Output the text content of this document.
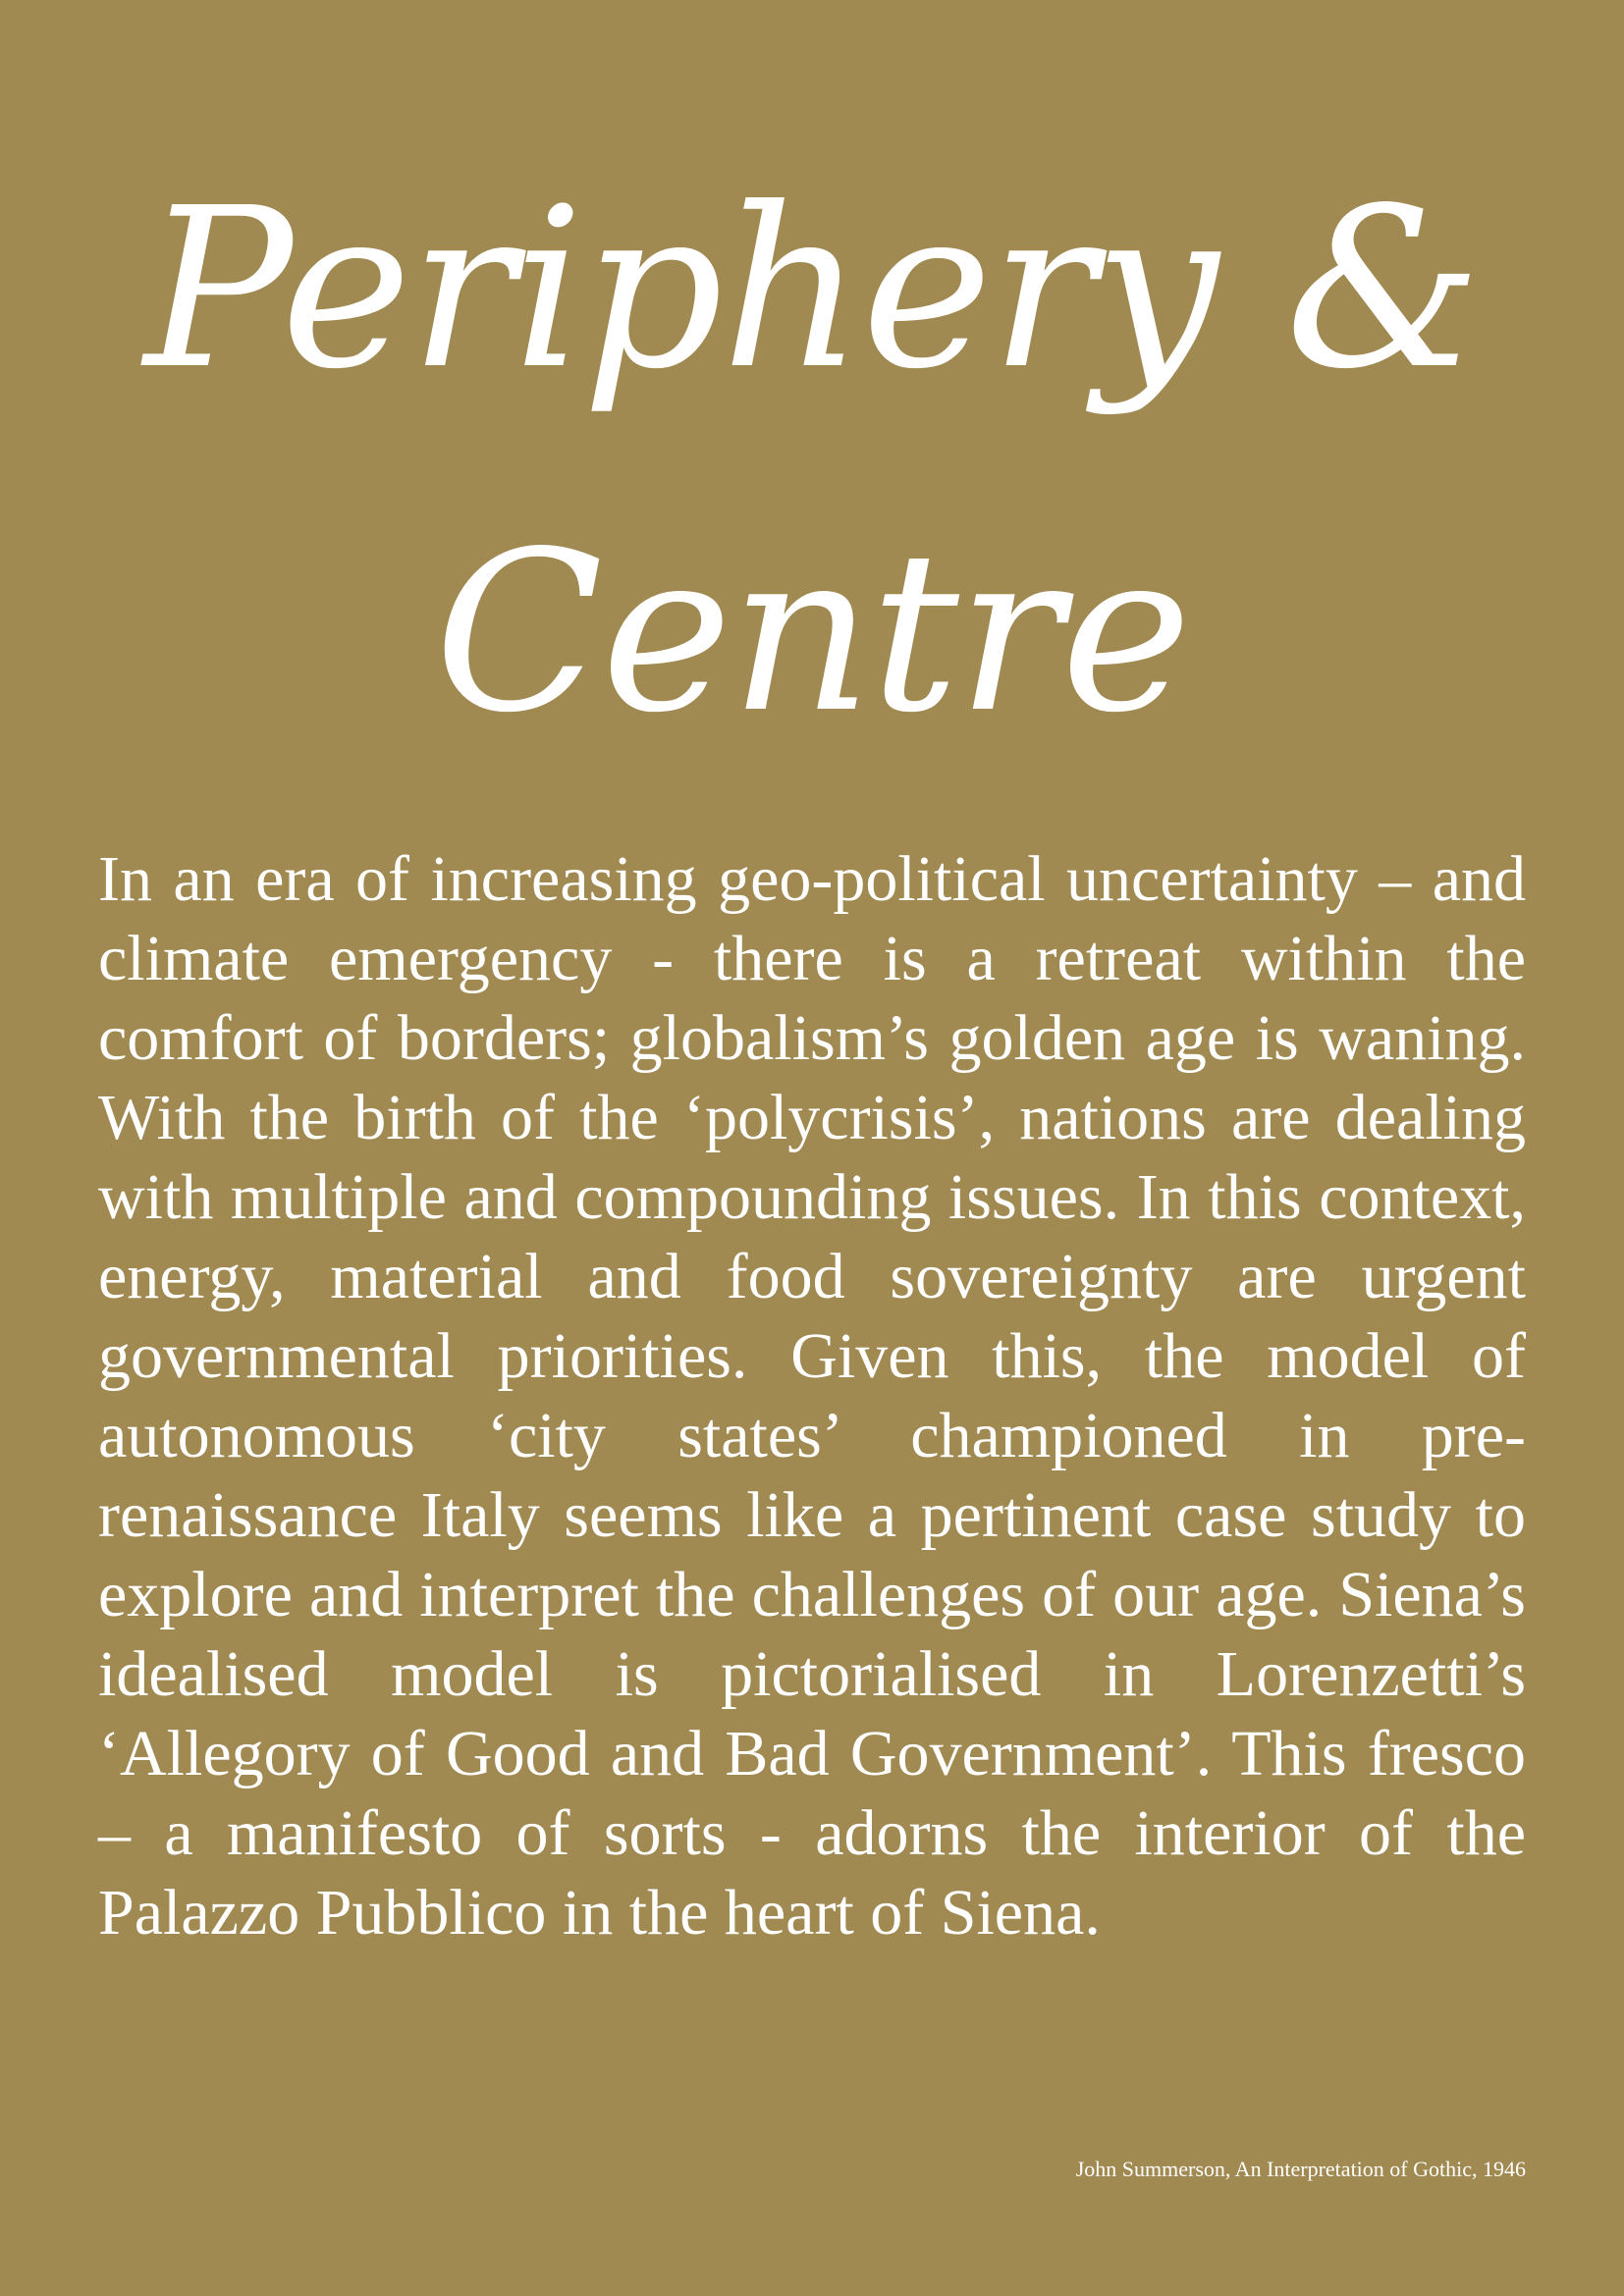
Periphery &
Centre

In an era of increasing geo-political uncertainty – and climate emergency - there is a retreat within the comfort of borders; globalism’s golden age is waning. With the birth of the ‘polycrisis’, nations are dealing with multiple and compounding issues. In this context, energy, material and food sovereignty are urgent governmental priorities. Given this, the model of autonomous ‘city states’ championed in pre-renaissance Italy seems like a pertinent case study to explore and interpret the challenges of our age. Siena’s idealised model is pictorialised in Lorenzetti’s ‘Allegory of Good and Bad Government’. This fresco – a manifesto of sorts - adorns the interior of the Palazzo Pubblico in the heart of Siena.

John Summerson, An Interpretation of Gothic, 1946
